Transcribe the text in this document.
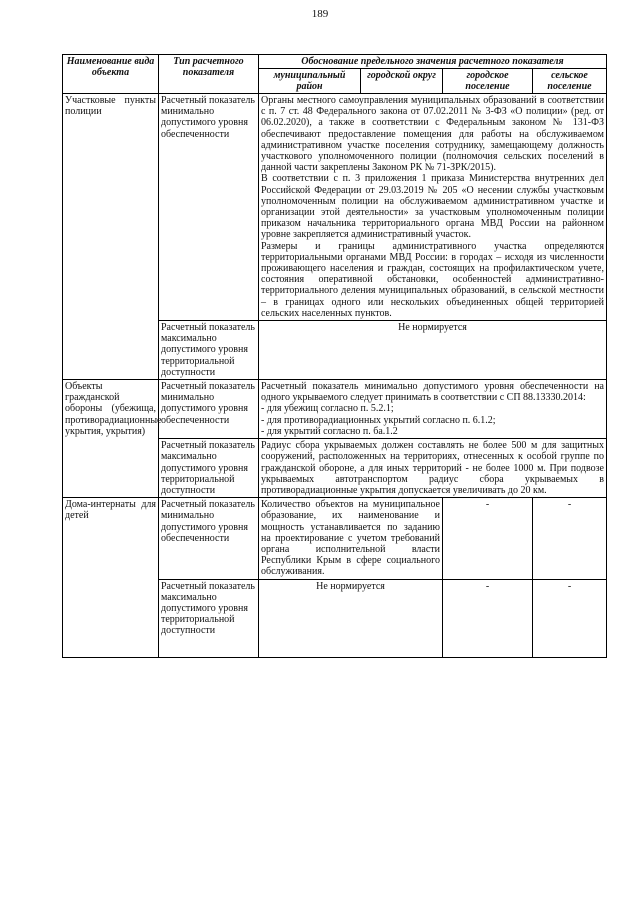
189
Наименование вида объекта	Тип расчетного показателя	Обоснование предельного значения расчетного показателя			
		муниципальный район	городской округ	городское поселение	сельское поселение
Участковые пункты полиции	Расчетный показатель минимально допустимого уровня обеспеченности	Органы местного самоуправления муниципальных образований в соответствии с п. 7 ст. 48 Федерального закона от 07.02.2011 № 3-ФЗ «О полиции» (ред. от 06.02.2020), а также в соответствии с Федеральным законом № 131-ФЗ обеспечивают предоставление помещения для работы на обслуживаемом административном участке поселения сотруднику, замещающему должность участкового уполномоченного полиции (полномочия сельских поселений в данной части закреплены Законом РК № 71-ЗРК/2015).
В соответствии с п. 3 приложения 1 приказа Министерства внутренних дел Российской Федерации от 29.03.2019 № 205 «О несении службы участковым уполномоченным полиции на обслуживаемом административном участке и организации этой деятельности» за участковым уполномоченным полиции приказом начальника территориального органа МВД России на районном уровне закрепляется административный участок.
Размеры и границы административного участка определяются территориальными органами МВД России: в городах – исходя из численности проживающего населения и граждан, состоящих на профилактическом учете, состояния оперативной обстановки, особенностей административно-территориального деления муниципальных образований, в сельской местности – в границах одного или нескольких объединенных общей территорией сельских населенных пунктов.			

	Расчетный показатель максимально допустимого уровня территориальной доступности	Не нормируется			
Объекты гражданской обороны (убежища, противорадиационные укрытия, укрытия)	Расчетный показатель минимально допустимого уровня обеспеченности	Расчетный показатель минимально допустимого уровня обеспеченности на одного укрываемого следует принимать в соответствии с СП 88.13330.2014:
- для убежищ согласно п. 5.2.1;
- для противорадиационных укрытий согласно п. 6.1.2;
- для укрытий согласно п. ба.1.2			

	Расчетный показатель максимально допустимого уровня территориальной доступности	Радиус сбора укрываемых должен составлять не более 500 м для защитных сооружений, расположенных на территориях, отнесенных к особой группе по гражданской обороне, а для иных территорий - не более 1000 м. При подвозе укрываемых автотранспортом радиус сбора укрываемых в противорадиационные укрытия допускается увеличивать до 20 км.			

Дома-интернаты для детей	Расчетный показатель минимально допустимого уровня обеспеченности	Количество объектов на муниципальное образование, их наименование и мощность устанавливается по заданию на проектирование с учетом требований органа исполнительной власти Республики Крым в сфере социального обслуживания.		-	-
	Расчетный показатель максимально допустимого уровня территориальной доступности	Не нормируется		-	-
